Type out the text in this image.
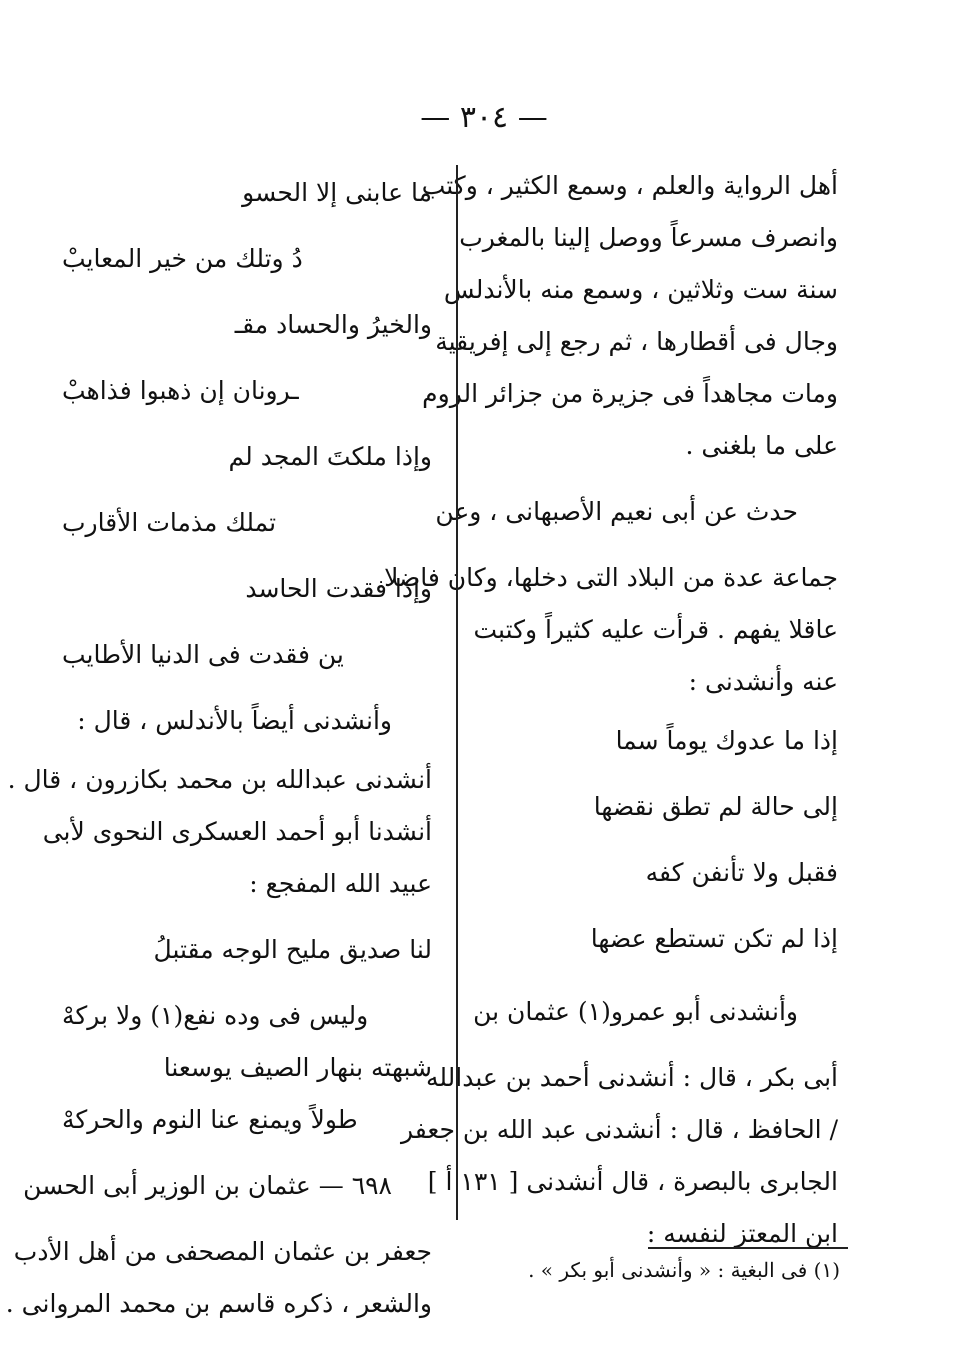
— ٣٠٤ —
أهل الرواية والعلم ، وسمع الكثير ، وكتب
وانصرف مسرعاً ووصل إلينا بالمغرب
سنة ست وثلاثين ، وسمع منه بالأندلس
وجال فى أقطارها ، ثم رجع إلى إفريقية
ومات مجاهداً فى جزيرة من جزائر الروم
على ما بلغنى .
حدث عن أبى نعيم الأصبهانى ، وعن
جماعة عدة من البلاد التى دخلها، وكان فاضلا
عاقلا يفهم . قرأت عليه كثيراً وكتبت
عنه وأنشدنى :
إذا ما عدوك يوماً سما
إلى حالة لم تطق نقضها
فقبل ولا تأنفن كفه
إذا لم تكن تستطع عضها
وأنشدنى أبو عمرو(١) عثمان بن
أبى بكر ، قال : أنشدنى أحمد بن عبدالله
/ الحافظ ، قال : أنشدنى عبد الله بن جعفر
الجابرى بالبصرة ، قال أنشدنى [ ١٣١ أ ]
ابن المعتز لنفسه :
ما عابنى إلا الحسو
دُ وتلك من خير المعايبْ
والخيرُ والحساد مقـ
ـرونان إن ذهبوا فذاهبْ
وإذا ملكتَ المجد لم
تملك مذمات الأقارب
وإذا فقدت الحاسد
ين فقدت فى الدنيا الأطايب
وأنشدنى أيضاً بالأندلس ، قال :
أنشدنى عبدالله بن محمد بكازرون ، قال .
أنشدنا أبو أحمد العسكرى النحوى لأبى
عبيد الله المفجع :
لنا صديق مليح الوجه مقتبلُ
وليس فى وده نفع(١) ولا بركهْ
شبهته بنهار الصيف يوسعنا
طولاً ويمنع عنا النوم والحركهْ
٦٩٨ — عثمان بن الوزير أبى الحسن
جعفر بن عثمان المصحفى من أهل الأدب
والشعر ، ذكره قاسم بن محمد المروانى .
(١) فى البغية : « وأنشدنى أبو بكر » .
